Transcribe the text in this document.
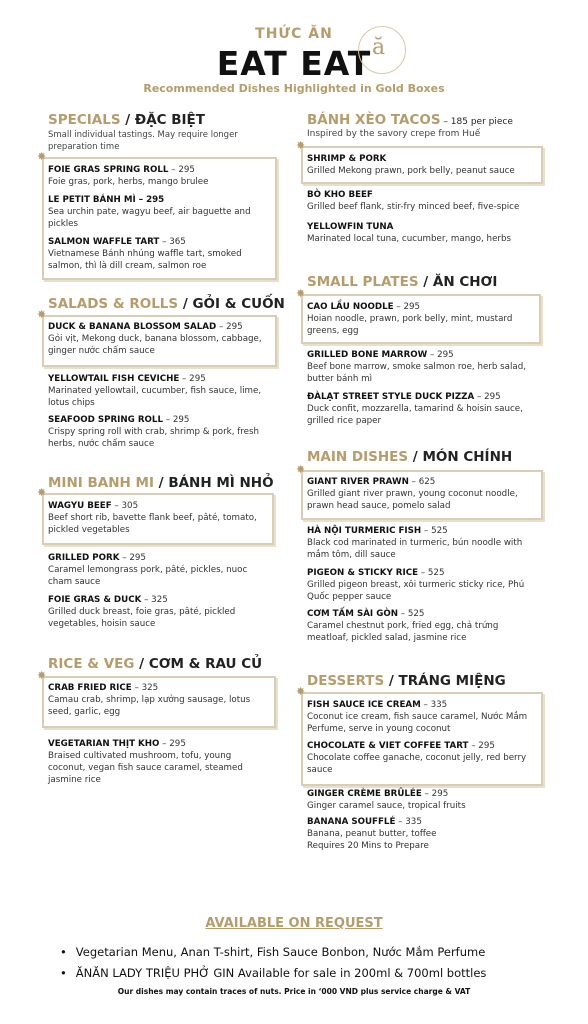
THỨC ĂN
EAT EAT ă
Recommended Dishes Highlighted in Gold Boxes
SPECIALS / ĐẶC BIỆT
Small individual tastings. May require longer preparation time
✸
FOIE GRAS SPRING ROLL – 295
Foie gras, pork, herbs, mango brulee
LE PETIT BÁNH MÌ – 295
Sea urchin pate, wagyu beef, air baguette and pickles
SALMON WAFFLE TART – 365
Vietnamese Bánh nhúng waffle tart, smoked salmon, thì là dill cream, salmon roe
SALADS & ROLLS / GỎI & CUỐN
✸
DUCK & BANANA BLOSSOM SALAD – 295
Gỏi vịt, Mekong duck, banana blossom, cabbage, ginger nước chấm sauce
YELLOWTAIL FISH CEVICHE – 295
Marinated yellowtail, cucumber, fish sauce, lime, lotus chips
SEAFOOD SPRING ROLL – 295
Crispy spring roll with crab, shrimp & pork, fresh herbs, nước chấm sauce
MINI BANH MI / BÁNH MÌ NHỎ
✸
WAGYU BEEF – 305
Beef short rib, bavette flank beef, pâté, tomato, pickled vegetables
GRILLED PORK – 295
Caramel lemongrass pork, pâté, pickles, nuoc cham sauce
FOIE GRAS & DUCK – 325
Grilled duck breast, foie gras, pâté, pickled vegetables, hoisin sauce
RICE & VEG / CƠM & RAU CỦ
✸
CRAB FRIED RICE – 325
Camau crab, shrimp, lạp xưởng sausage, lotus seed, garlic, egg
VEGETARIAN THỊT KHO – 295
Braised cultivated mushroom, tofu, young coconut, vegan fish sauce caramel, steamed jasmine rice
BÁNH XÈO TACOS – 185 per piece
Inspired by the savory crepe from Huế
✸
SHRIMP & PORK
Grilled Mekong prawn, pork belly, peanut sauce
BÒ KHO BEEF
Grilled beef flank, stir-fry minced beef, five-spice
YELLOWFIN TUNA
Marinated local tuna, cucumber, mango, herbs
SMALL PLATES / ĂN CHƠI
✸
CAO LẦU NOODLE – 295
Hoian noodle, prawn, pork belly, mint, mustard greens, egg
GRILLED BONE MARROW – 295
Beef bone marrow, smoke salmon roe, herb salad, butter bánh mì
ĐÀLẠT STREET STYLE DUCK PIZZA – 295
Duck confit, mozzarella, tamarind & hoisin sauce, grilled rice paper
MAIN DISHES / MÓN CHÍNH
✸
GIANT RIVER PRAWN – 625
Grilled giant river prawn, young coconut noodle, prawn head sauce, pomelo salad
HÀ NỘI TURMERIC FISH – 525
Black cod marinated in turmeric, bún noodle with mắm tôm, dill sauce
PIGEON & STICKY RICE – 525
Grilled pigeon breast, xôi turmeric sticky rice, Phú Quốc pepper sauce
CƠM TẤM SÀI GÒN – 525
Caramel chestnut pork, fried egg, chả trứng meatloaf, pickled salad, jasmine rice
DESSERTS / TRÁNG MIỆNG
✸
FISH SAUCE ICE CREAM – 335
Coconut ice cream, fish sauce caramel, Nước Mắm Perfume, serve in young coconut
CHOCOLATE & VIET COFFEE TART – 295
Chocolate coffee ganache, coconut jelly, red berry sauce
GINGER CRÈME BRÛLÉE – 295
Ginger caramel sauce, tropical fruits
BANANA SOUFFLÉ – 335
Banana, peanut butter, toffee Requires 20 Mins to Prepare
AVAILABLE ON REQUEST
• Vegetarian Menu, Anan T-shirt, Fish Sauce Bonbon, Nước Mắm Perfume
• ĂNĂN LADY TRIỆU PHỞ GIN Available for sale in 200ml & 700ml bottles
Our dishes may contain traces of nuts. Price in ‘000 VND plus service charge & VAT
